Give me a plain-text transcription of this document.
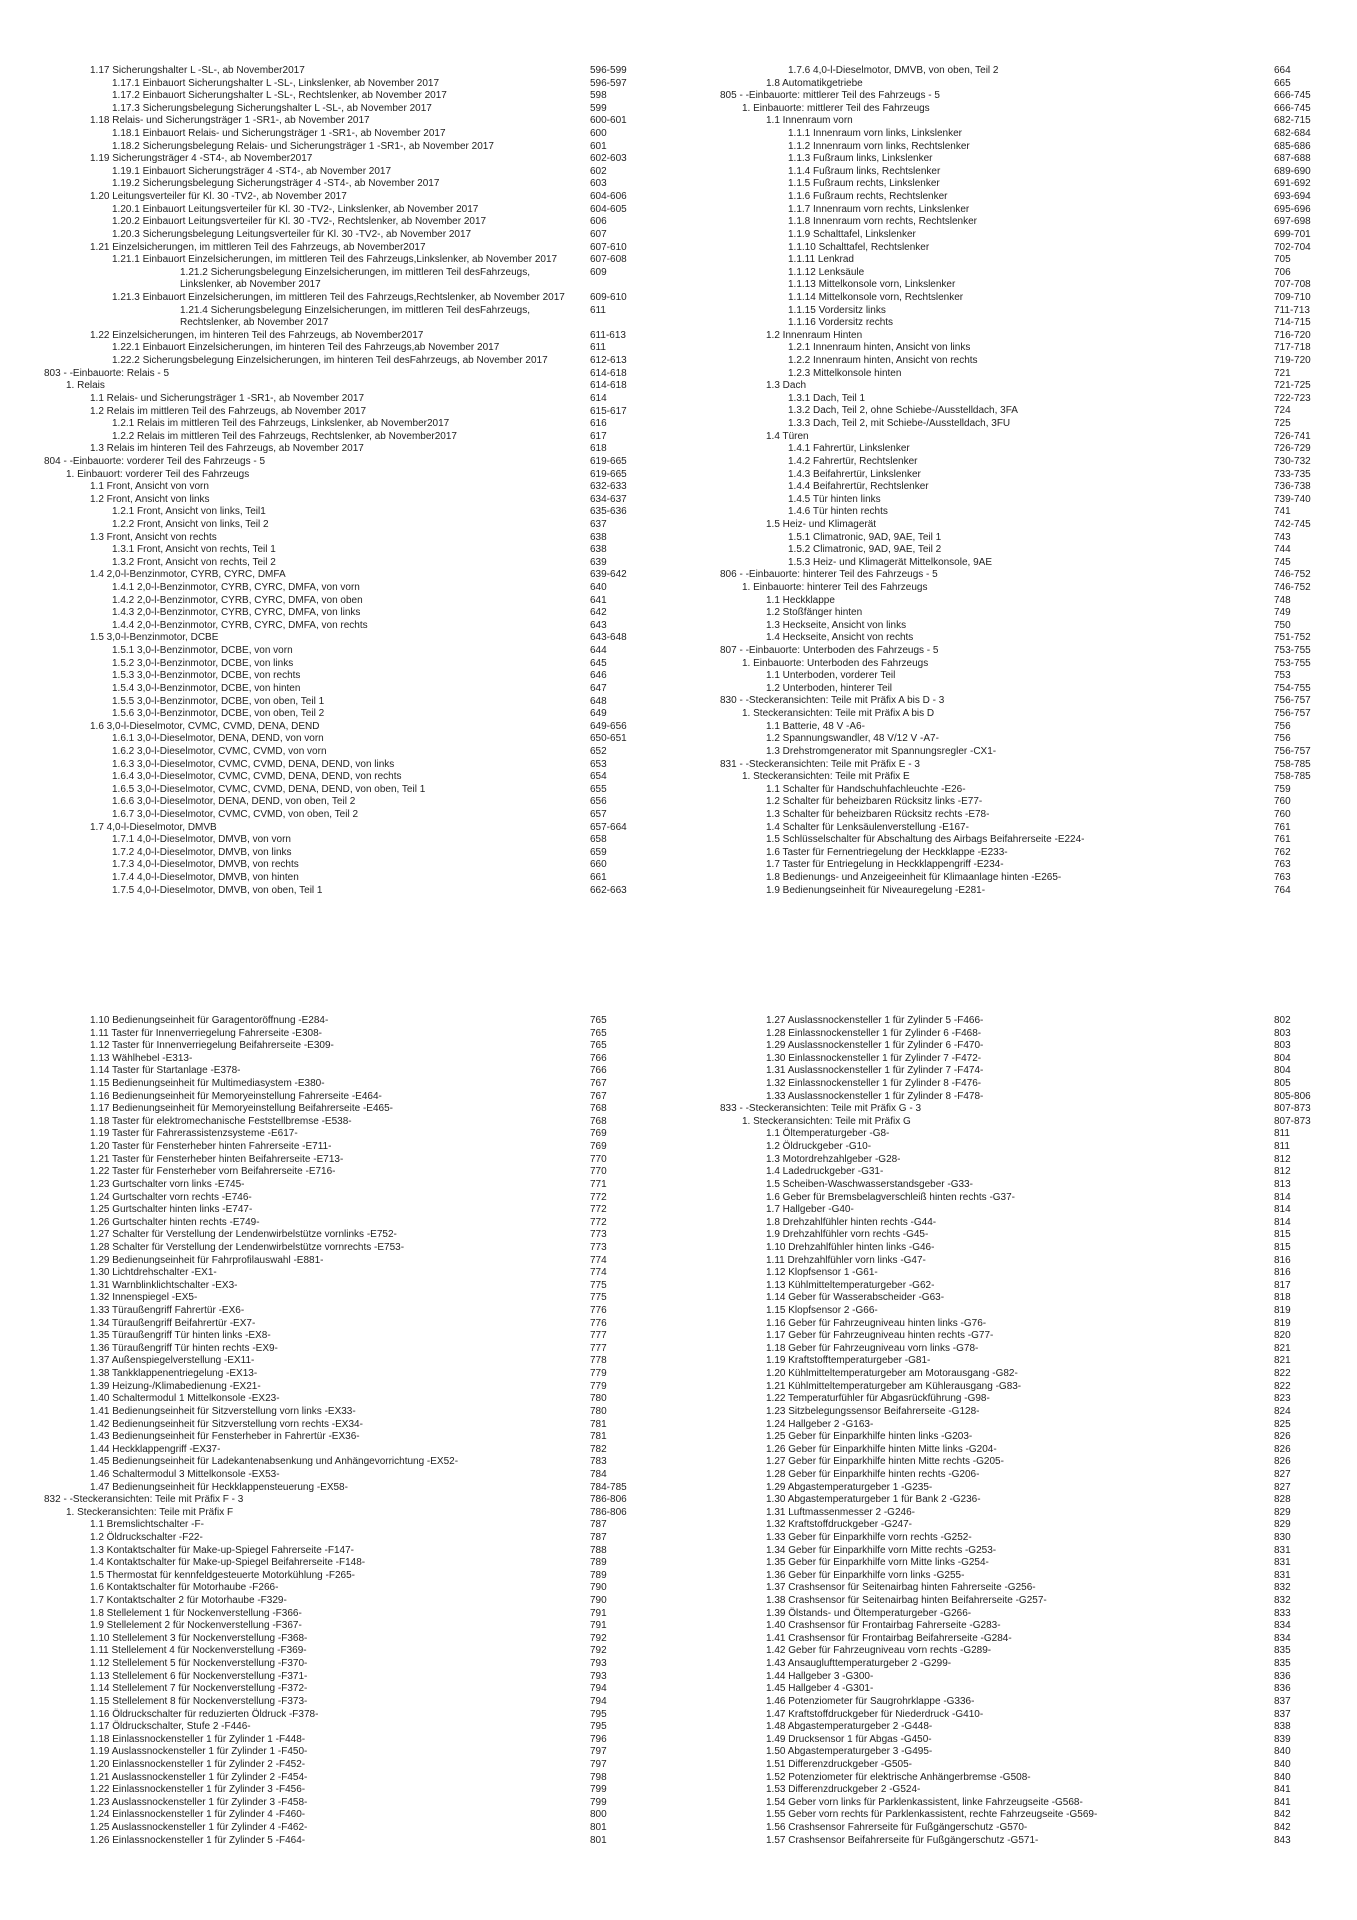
1.17 Sicherungshalter L -SL-, ab November2017	596-599
1.17.1 Einbauort Sicherungshalter L -SL-, Linkslenker, ab November 2017	596-597
1.17.2 Einbauort Sicherungshalter L -SL-, Rechtslenker, ab November 2017	598
1.17.3 Sicherungsbelegung Sicherungshalter L -SL-, ab November 2017	599
1.18 Relais- und Sicherungsträger 1 -SR1-, ab November 2017	600-601
1.18.1 Einbauort Relais- und Sicherungsträger 1 -SR1-, ab November 2017	600
1.18.2 Sicherungsbelegung Relais- und Sicherungsträger 1 -SR1-, ab November 2017	601
1.19 Sicherungsträger 4 -ST4-, ab November2017	602-603
1.19.1 Einbauort Sicherungsträger 4 -ST4-, ab November 2017	602
1.19.2 Sicherungsbelegung Sicherungsträger 4 -ST4-, ab November 2017	603
1.20 Leitungsverteiler für Kl. 30 -TV2-, ab November 2017	604-606
1.20.1 Einbauort Leitungsverteiler für Kl. 30 -TV2-, Linkslenker, ab November 2017	604-605
1.20.2 Einbauort Leitungsverteiler für Kl. 30 -TV2-, Rechtslenker, ab November 2017	606
1.20.3 Sicherungsbelegung Leitungsverteiler für Kl. 30 -TV2-, ab November 2017	607
1.21 Einzelsicherungen, im mittleren Teil des Fahrzeugs, ab November2017	607-610
1.21.1 Einbauort Einzelsicherungen, im mittleren Teil des Fahrzeugs,Linkslenker, ab November 2017	607-608
1.21.2 Sicherungsbelegung Einzelsicherungen, im mittleren Teil desFahrzeugs, Linkslenker, ab November 2017
609
1.21.3 Einbauort Einzelsicherungen, im mittleren Teil des Fahrzeugs,Rechtslenker, ab November 2017	609-610
1.21.4 Sicherungsbelegung Einzelsicherungen, im mittleren Teil desFahrzeugs, Rechtslenker, ab November 2017
611
1.22 Einzelsicherungen, im hinteren Teil des Fahrzeugs, ab November2017	611-613
1.22.1 Einbauort Einzelsicherungen, im hinteren Teil des Fahrzeugs,ab November 2017	611
1.22.2 Sicherungsbelegung Einzelsicherungen, im hinteren Teil desFahrzeugs, ab November 2017	612-613
803 - -Einbauorte: Relais - 5	614-618
1. Relais	614-618
1.1 Relais- und Sicherungsträger 1 -SR1-, ab November 2017	614
1.2 Relais im mittleren Teil des Fahrzeugs, ab November 2017	615-617
1.2.1 Relais im mittleren Teil des Fahrzeugs, Linkslenker, ab November2017	616
1.2.2 Relais im mittleren Teil des Fahrzeugs, Rechtslenker, ab November2017	617
1.3 Relais im hinteren Teil des Fahrzeugs, ab November 2017	618
804 - -Einbauorte: vorderer Teil des Fahrzeugs - 5	619-665
1. Einbauort: vorderer Teil des Fahrzeugs	619-665
1.1 Front, Ansicht von vorn	632-633
1.2 Front, Ansicht von links	634-637
1.2.1 Front, Ansicht von links, Teil1	635-636
1.2.2 Front, Ansicht von links, Teil 2	637
1.3 Front, Ansicht von rechts	638
1.3.1 Front, Ansicht von rechts, Teil 1	638
1.3.2 Front, Ansicht von rechts, Teil 2	639
1.4 2,0-l-Benzinmotor, CYRB, CYRC, DMFA	639-642
1.4.1 2,0-l-Benzinmotor, CYRB, CYRC, DMFA, von vorn	640
1.4.2 2,0-l-Benzinmotor, CYRB, CYRC, DMFA, von oben	641
1.4.3 2,0-l-Benzinmotor, CYRB, CYRC, DMFA, von links	642
1.4.4 2,0-l-Benzinmotor, CYRB, CYRC, DMFA, von rechts	643
1.5 3,0-l-Benzinmotor, DCBE	643-648
1.5.1 3,0-l-Benzinmotor, DCBE, von vorn	644
1.5.2 3,0-l-Benzinmotor, DCBE, von links	645
1.5.3 3,0-l-Benzinmotor, DCBE, von rechts	646
1.5.4 3,0-l-Benzinmotor, DCBE, von hinten	647
1.5.5 3,0-l-Benzinmotor, DCBE, von oben, Teil 1	648
1.5.6 3,0-l-Benzinmotor, DCBE, von oben, Teil 2	649
1.6 3,0-l-Dieselmotor, CVMC, CVMD, DENA, DEND	649-656
1.6.1 3,0-l-Dieselmotor, DENA, DEND, von vorn	650-651
1.6.2 3,0-l-Dieselmotor, CVMC, CVMD, von vorn	652
1.6.3 3,0-l-Dieselmotor, CVMC, CVMD, DENA, DEND, von links	653
1.6.4 3,0-l-Dieselmotor, CVMC, CVMD, DENA, DEND, von rechts	654
1.6.5 3,0-l-Dieselmotor, CVMC, CVMD, DENA, DEND, von oben, Teil 1	655
1.6.6 3,0-l-Dieselmotor, DENA, DEND, von oben, Teil 2	656
1.6.7 3,0-l-Dieselmotor, CVMC, CVMD, von oben, Teil 2	657
1.7 4,0-l-Dieselmotor, DMVB	657-664
1.7.1 4,0-l-Dieselmotor, DMVB, von vorn	658
1.7.2 4,0-l-Dieselmotor, DMVB, von links	659
1.7.3 4,0-l-Dieselmotor, DMVB, von rechts	660
1.7.4 4,0-l-Dieselmotor, DMVB, von hinten	661
1.7.5 4,0-l-Dieselmotor, DMVB, von oben, Teil 1	662-663
1.7.6 4,0-l-Dieselmotor, DMVB, von oben, Teil 2	664
1.8 Automatikgetriebe	665
805 - -Einbauorte: mittlerer Teil des Fahrzeugs - 5	666-745
1. Einbauorte: mittlerer Teil des Fahrzeugs	666-745
1.1 Innenraum vorn	682-715
1.1.1 Innenraum vorn links, Linkslenker	682-684
1.1.2 Innenraum vorn links, Rechtslenker	685-686
1.1.3 Fußraum links, Linkslenker	687-688
1.1.4 Fußraum links, Rechtslenker	689-690
1.1.5 Fußraum rechts, Linkslenker	691-692
1.1.6 Fußraum rechts, Rechtslenker	693-694
1.1.7 Innenraum vorn rechts, Linkslenker	695-696
1.1.8 Innenraum vorn rechts, Rechtslenker	697-698
1.1.9 Schalttafel, Linkslenker	699-701
1.1.10 Schalttafel, Rechtslenker	702-704
1.1.11 Lenkrad	705
1.1.12 Lenksäule	706
1.1.13 Mittelkonsole vorn, Linkslenker	707-708
1.1.14 Mittelkonsole vorn, Rechtslenker	709-710
1.1.15 Vordersitz links	711-713
1.1.16 Vordersitz rechts	714-715
1.2 Innenraum Hinten	716-720
1.2.1 Innenraum hinten, Ansicht von links	717-718
1.2.2 Innenraum hinten, Ansicht von rechts	719-720
1.2.3 Mittelkonsole hinten	721
1.3 Dach	721-725
1.3.1 Dach, Teil 1	722-723
1.3.2 Dach, Teil 2, ohne Schiebe-/Ausstelldach, 3FA	724
1.3.3 Dach, Teil 2, mit Schiebe-/Ausstelldach, 3FU	725
1.4 Türen	726-741
1.4.1 Fahrertür, Linkslenker	726-729
1.4.2 Fahrertür, Rechtslenker	730-732
1.4.3 Beifahrertür, Linkslenker	733-735
1.4.4 Beifahrertür, Rechtslenker	736-738
1.4.5 Tür hinten links	739-740
1.4.6 Tür hinten rechts	741
1.5 Heiz- und Klimagerät	742-745
1.5.1 Climatronic, 9AD, 9AE, Teil 1	743
1.5.2 Climatronic, 9AD, 9AE, Teil 2	744
1.5.3 Heiz- und Klimagerät Mittelkonsole, 9AE	745
806 - -Einbauorte: hinterer Teil des Fahrzeugs - 5	746-752
1. Einbauorte: hinterer Teil des Fahrzeugs	746-752
1.1 Heckklappe	748
1.2 Stoßfänger hinten	749
1.3 Heckseite, Ansicht von links	750
1.4 Heckseite, Ansicht von rechts	751-752
807 - -Einbauorte: Unterboden des Fahrzeugs - 5	753-755
1. Einbauorte: Unterboden des Fahrzeugs	753-755
1.1 Unterboden, vorderer Teil	753
1.2 Unterboden, hinterer Teil	754-755
830 - -Steckeransichten: Teile mit Präfix A bis D - 3	756-757
1. Steckeransichten: Teile mit Präfix A bis D	756-757
1.1 Batterie, 48 V -A6-	756
1.2 Spannungswandler, 48 V/12 V -A7-	756
1.3 Drehstromgenerator mit Spannungsregler -CX1-	756-757
831 - -Steckeransichten: Teile mit Präfix E - 3	758-785
1. Steckeransichten: Teile mit Präfix E	758-785
1.1 Schalter für Handschuhfachleuchte -E26-	759
1.2 Schalter für beheizbaren Rücksitz links -E77-	760
1.3 Schalter für beheizbaren Rücksitz rechts -E78-	760
1.4 Schalter für Lenksäulenverstellung -E167-	761
1.5 Schlüsselschalter für Abschaltung des Airbags Beifahrerseite -E224-	761
1.6 Taster für Fernentriegelung der Heckklappe -E233-	762
1.7 Taster für Entriegelung in Heckklappengriff -E234-	763
1.8 Bedienungs- und Anzeigeeinheit für Klimaanlage hinten -E265-	763
1.9 Bedienungseinheit für Niveauregelung -E281-	764
1.10 Bedienungseinheit für Garagentoröffnung -E284-	765
1.11 Taster für Innenverriegelung Fahrerseite -E308-	765
1.12 Taster für Innenverriegelung Beifahrerseite -E309-	765
1.13 Wählhebel -E313-	766
1.14 Taster für Startanlage -E378-	766
1.15 Bedienungseinheit für Multimediasystem -E380-	767
1.16 Bedienungseinheit für Memoryeinstellung Fahrerseite -E464-	767
1.17 Bedienungseinheit für Memoryeinstellung Beifahrerseite -E465-	768
1.18 Taster für elektromechanische Feststellbremse -E538-	768
1.19 Taster für Fahrerassistenzsysteme -E617-	769
1.20 Taster für Fensterheber hinten Fahrerseite -E711-	769
1.21 Taster für Fensterheber hinten Beifahrerseite -E713-	770
1.22 Taster für Fensterheber vorn Beifahrerseite -E716-	770
1.23 Gurtschalter vorn links -E745-	771
1.24 Gurtschalter vorn rechts -E746-	772
1.25 Gurtschalter hinten links -E747-	772
1.26 Gurtschalter hinten rechts -E749-	772
1.27 Schalter für Verstellung der Lendenwirbelstütze vornlinks -E752-	773
1.28 Schalter für Verstellung der Lendenwirbelstütze vornrechts -E753-	773
1.29 Bedienungseinheit für Fahrprofilauswahl -E881-	774
1.30 Lichtdrehschalter -EX1-	774
1.31 Warnblinklichtschalter -EX3-	775
1.32 Innenspiegel -EX5-	775
1.33 Türaußengriff Fahrertür -EX6-	776
1.34 Türaußengriff Beifahrertür -EX7-	776
1.35 Türaußengriff Tür hinten links -EX8-	777
1.36 Türaußengriff Tür hinten rechts -EX9-	777
1.37 Außenspiegelverstellung -EX11-	778
1.38 Tankklappenentriegelung -EX13-	779
1.39 Heizung-/Klimabedienung -EX21-	779
1.40 Schaltermodul 1 Mittelkonsole -EX23-	780
1.41 Bedienungseinheit für Sitzverstellung vorn links -EX33-	780
1.42 Bedienungseinheit für Sitzverstellung vorn rechts -EX34-	781
1.43 Bedienungseinheit für Fensterheber in Fahrertür -EX36-	781
1.44 Heckklappengriff -EX37-	782
1.45 Bedienungseinheit für Ladekantenabsenkung und Anhängevorrichtung -EX52-	783
1.46 Schaltermodul 3 Mittelkonsole -EX53-	784
1.47 Bedienungseinheit für Heckklappensteuerung -EX58-	784-785
832 - -Steckeransichten: Teile mit Präfix F - 3	786-806
1. Steckeransichten: Teile mit Präfix F	786-806
1.1 Bremslichtschalter -F-	787
1.2 Öldruckschalter -F22-	787
1.3 Kontaktschalter für Make-up-Spiegel Fahrerseite -F147-	788
1.4 Kontaktschalter für Make-up-Spiegel Beifahrerseite -F148-	789
1.5 Thermostat für kennfeldgesteuerte Motorkühlung -F265-	789
1.6 Kontaktschalter für Motorhaube -F266-	790
1.7 Kontaktschalter 2 für Motorhaube -F329-	790
1.8 Stellelement 1 für Nockenverstellung -F366-	791
1.9 Stellelement 2 für Nockenverstellung -F367-	791
1.10 Stellelement 3 für Nockenverstellung -F368-	792
1.11 Stellelement 4 für Nockenverstellung -F369-	792
1.12 Stellelement 5 für Nockenverstellung -F370-	793
1.13 Stellelement 6 für Nockenverstellung -F371-	793
1.14 Stellelement 7 für Nockenverstellung -F372-	794
1.15 Stellelement 8 für Nockenverstellung -F373-	794
1.16 Öldruckschalter für reduzierten Öldruck -F378-	795
1.17 Öldruckschalter, Stufe 2 -F446-	795
1.18 Einlassnockensteller 1 für Zylinder 1 -F448-	796
1.19 Auslassnockensteller 1 für Zylinder 1 -F450-	797
1.20 Einlassnockensteller 1 für Zylinder 2 -F452-	797
1.21 Auslassnockensteller 1 für Zylinder 2 -F454-	798
1.22 Einlassnockensteller 1 für Zylinder 3 -F456-	799
1.23 Auslassnockensteller 1 für Zylinder 3 -F458-	799
1.24 Einlassnockensteller 1 für Zylinder 4 -F460-	800
1.25 Auslassnockensteller 1 für Zylinder 4 -F462-	801
1.26 Einlassnockensteller 1 für Zylinder 5 -F464-	801
1.27 Auslassnockensteller 1 für Zylinder 5 -F466-	802
1.28 Einlassnockensteller 1 für Zylinder 6 -F468-	803
1.29 Auslassnockensteller 1 für Zylinder 6 -F470-	803
1.30 Einlassnockensteller 1 für Zylinder 7 -F472-	804
1.31 Auslassnockensteller 1 für Zylinder 7 -F474-	804
1.32 Einlassnockensteller 1 für Zylinder 8 -F476-	805
1.33 Auslassnockensteller 1 für Zylinder 8 -F478-	805-806
833 - -Steckeransichten: Teile mit Präfix G - 3	807-873
1. Steckeransichten: Teile mit Präfix G	807-873
1.1 Öltemperaturgeber -G8-	811
1.2 Öldruckgeber -G10-	811
1.3 Motordrehzahlgeber -G28-	812
1.4 Ladedruckgeber -G31-	812
1.5 Scheiben-Waschwasserstandsgeber -G33-	813
1.6 Geber für Bremsbelagverschleiß hinten rechts -G37-	814
1.7 Hallgeber -G40-	814
1.8 Drehzahlfühler hinten rechts -G44-	814
1.9 Drehzahlfühler vorn rechts -G45-	815
1.10 Drehzahlfühler hinten links -G46-	815
1.11 Drehzahlfühler vorn links -G47-	816
1.12 Klopfsensor 1 -G61-	816
1.13 Kühlmitteltemperaturgeber -G62-	817
1.14 Geber für Wasserabscheider -G63-	818
1.15 Klopfsensor 2 -G66-	819
1.16 Geber für Fahrzeugniveau hinten links -G76-	819
1.17 Geber für Fahrzeugniveau hinten rechts -G77-	820
1.18 Geber für Fahrzeugniveau vorn links -G78-	821
1.19 Kraftstofftemperaturgeber -G81-	821
1.20 Kühlmitteltemperaturgeber am Motorausgang -G82-	822
1.21 Kühlmitteltemperaturgeber am Kühlerausgang -G83-	822
1.22 Temperaturfühler für Abgasrückführung -G98-	823
1.23 Sitzbelegungssensor Beifahrerseite -G128-	824
1.24 Hallgeber 2 -G163-	825
1.25 Geber für Einparkhilfe hinten links -G203-	826
1.26 Geber für Einparkhilfe hinten Mitte links -G204-	826
1.27 Geber für Einparkhilfe hinten Mitte rechts -G205-	826
1.28 Geber für Einparkhilfe hinten rechts -G206-	827
1.29 Abgastemperaturgeber 1 -G235-	827
1.30 Abgastemperaturgeber 1 für Bank 2 -G236-	828
1.31 Luftmassenmesser 2 -G246-	829
1.32 Kraftstoffdruckgeber -G247-	829
1.33 Geber für Einparkhilfe vorn rechts -G252-	830
1.34 Geber für Einparkhilfe vorn Mitte rechts -G253-	831
1.35 Geber für Einparkhilfe vorn Mitte links -G254-	831
1.36 Geber für Einparkhilfe vorn links -G255-	831
1.37 Crashsensor für Seitenairbag hinten Fahrerseite -G256-	832
1.38 Crashsensor für Seitenairbag hinten Beifahrerseite -G257-	832
1.39 Ölstands- und Öltemperaturgeber -G266-	833
1.40 Crashsensor für Frontairbag Fahrerseite -G283-	834
1.41 Crashsensor für Frontairbag Beifahrerseite -G284-	834
1.42 Geber für Fahrzeugniveau vorn rechts -G289-	835
1.43 Ansauglufttemperaturgeber 2 -G299-	835
1.44 Hallgeber 3 -G300-	836
1.45 Hallgeber 4 -G301-	836
1.46 Potenziometer für Saugrohrklappe -G336-	837
1.47 Kraftstoffdruckgeber für Niederdruck -G410-	837
1.48 Abgastemperaturgeber 2 -G448-	838
1.49 Drucksensor 1 für Abgas -G450-	839
1.50 Abgastemperaturgeber 3 -G495-	840
1.51 Differenzdruckgeber -G505-	840
1.52 Potenziometer für elektrische Anhängerbremse -G508-	840
1.53 Differenzdruckgeber 2 -G524-	841
1.54 Geber vorn links für Parklenkassistent, linke Fahrzeugseite -G568-	841
1.55 Geber vorn rechts für Parklenkassistent, rechte Fahrzeugseite -G569-	842
1.56 Crashsensor Fahrerseite für Fußgängerschutz -G570-	842
1.57 Crashsensor Beifahrerseite für Fußgängerschutz -G571-	843
